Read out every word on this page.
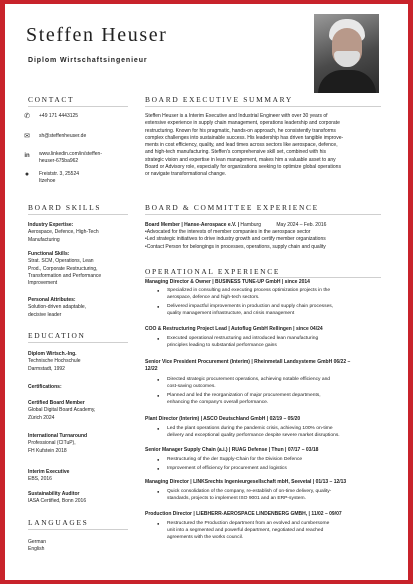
Steffen Heuser
Diplom Wirtschaftsingenieur
CONTACT
✆ +49 171 4443125
✉ sh@steffenheuser.de
in www.linkedin.com/in/steffen-
heuser-675ba962
●	Freiststr. 3, 25524
Itzehoe
BOARD SKILLS
Industry Expertise:
Aerospace, Defence, High-Tech
Manufacturing
Functional Skills:
Strat. SCM, Operations, Lean
Prod., Corporate Restructuring,
Transformation and Performance
Improvement
Personal Attributes:
Solution-driven adaptable,
decisive leader
EDUCATION
Diplom Wirtsch.-Ing.
Technische Hochschule
Darmstadt, 1992
Certifications:
Certified Board Member
Global Digital Board Academy,
Zürich 2024
International Turnaround
Professional (CITuP),
FH Kufstein 2018
Interim Executive
EBS, 2016
Sustainability Auditor
IASA Certified, Bonn 2016
LANGUAGES
German
English
BOARD EXECUTIVE SUMMARY
Steffen Heuser is a Interim Executive and Industrial Engineer with over 30 years of
extensive experience in supply chain management, operations leadership and corporate
restructuring. Known for his pragmatic, hands-on approach, he consistently transforms
complex challenges into sustainable success. His leadership has driven tangible improve-
ments in cost efficiency, quality, and lead times across sectors like aerospace, defence,
and high-tech manufacturing. Steffen's comprehensive skill set, combined with his
strategic vision and expertise in lean management, makes him a valuable asset to any
Board or Advisory role, especially for organizations seeking to optimize global operations
or navigate transformational change.
BOARD & COMMITTEE EXPERIENCE
Board Member | Hanse-Aerospace e.V. | Hamburg	May 2024 – Feb. 2016
•Advocated for the interests of member companies in the aerospace sector
•Led strategic initiatives to drive industry growth and certify member organizations
•Contact Person for belongings in processes, operations, supply chain and quality
OPERATIONAL EXPERIENCE
Managing Director & Owner | BUSINESS TUNE-UP GmbH | since 2014
● Specialized in consulting and executing process optimization projects in the
aerospace, defence and high-tech sectors.
● Delivered impactful improvements in production and supply chain processes,
quality management infrastructure, and crisis management
COO & Restructuring Project Lead | Autoflug GmbH Rellingen | since 04/24
● Executed operational restructuring and introduced lean manufacturing
principles leading to substantial performance gains
Senior Vice President Procurement (Interim) | Rheinmetall Landsysteme GmbH 06/22 –
12/22
● Directed strategic procurement operations, achieving notable efficiency and
cost-saving outcomes.
● Planned and led the reorganization of major procurement departments,
enhancing the company's overall performance.
Plant Director (Interim) | ASCO Deutschland GmbH | 02/19 – 05/20
● Led the plant operations during the pandemic crisis, achieving 100% on-time
delivery and exceptional quality performance despite severe market disruptions.
Senior Manager Supply Chain (a.i.) | RUAG Defense | Thun | 07/17 – 03/18
● Restructuring of the der Supply-Chain for the Division Defence
● Improvement of efficiency for procurement and logistics
Managing Director | LINKSrechts Ingenieurgesellschaft mbH, Seevetal | 01/13 – 12/13
● Quick consolidation of the company, re-establish of on-time delivery, quality-
standards, projects to implement ISO 9001 and an ERP-system.
Production Director | LIEBHERR-AEROSPACE LINDENBERG GMBH, | 11/02 – 09/07
● Restructured the Production department from an evolved and cumbersome
unit into a segmented and powerful department, negotiated and reached
agreements with the works council.
